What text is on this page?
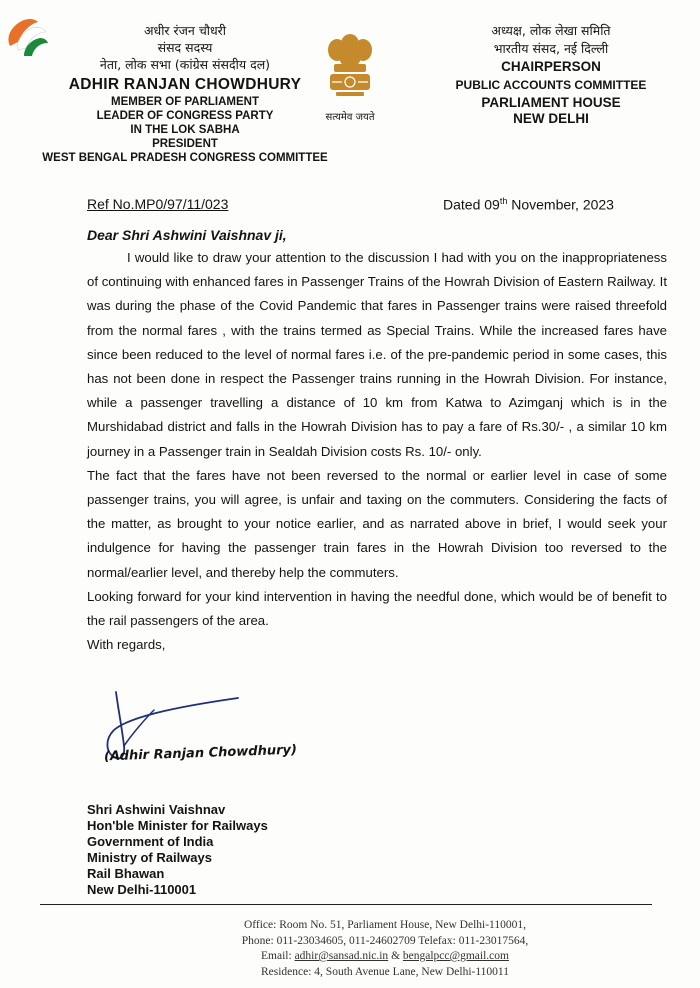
अधीर रंजन चौधरी
संसद सदस्य
नेता, लोक सभा (कांग्रेस संसदीय दल)
ADHIR RANJAN CHOWDHURY
MEMBER OF PARLIAMENT
LEADER OF CONGRESS PARTY
IN THE LOK SABHA
PRESIDENT
WEST BENGAL PRADESH CONGRESS COMMITTEE
सत्यमेव जयते
अध्यक्ष, लोक लेखा समिति
भारतीय संसद, नई दिल्ली
CHAIRPERSON
PUBLIC ACCOUNTS COMMITTEE
PARLIAMENT HOUSE
NEW DELHI
Ref No.MP0/97/11/023	Dated 09th November, 2023
Dear Shri Ashwini Vaishnav ji,

I would like to draw your attention to the discussion I had with you on the inappropriateness of continuing with enhanced fares in Passenger Trains of the Howrah Division of Eastern Railway. It was during the phase of the Covid Pandemic that fares in Passenger trains were raised threefold from the normal fares , with the trains termed as Special Trains. While the increased fares have since been reduced to the level of normal fares i.e. of the pre-pandemic period in some cases, this has not been done in respect the Passenger trains running in the Howrah Division. For instance, while a passenger travelling a distance of 10 km from Katwa to Azimganj which is in the Murshidabad district and falls in the Howrah Division has to pay a fare of Rs.30/- , a similar 10 km journey in a Passenger train in Sealdah Division costs Rs. 10/- only.

The fact that the fares have not been reversed to the normal or earlier level in case of some passenger trains, you will agree, is unfair and taxing on the commuters. Considering the facts of the matter, as brought to your notice earlier, and as narrated above in brief, I would seek your indulgence for having the passenger train fares in the Howrah Division too reversed to the normal/earlier level, and thereby help the commuters.

Looking forward for your kind intervention in having the needful done, which would be of benefit to the rail passengers of the area.

With regards,

(Adhir Ranjan Chowdhury)
Shri Ashwini Vaishnav
Hon'ble Minister for Railways
Government of India
Ministry of Railways
Rail Bhawan
New Delhi-110001
Office: Room No. 51, Parliament House, New Delhi-110001,
Phone: 011-23034605, 011-24602709 Telefax: 011-23017564,
Email: adhir@sansad.nic.in & bengalpcc@gmail.com
Residence: 4, South Avenue Lane, New Delhi-110011
